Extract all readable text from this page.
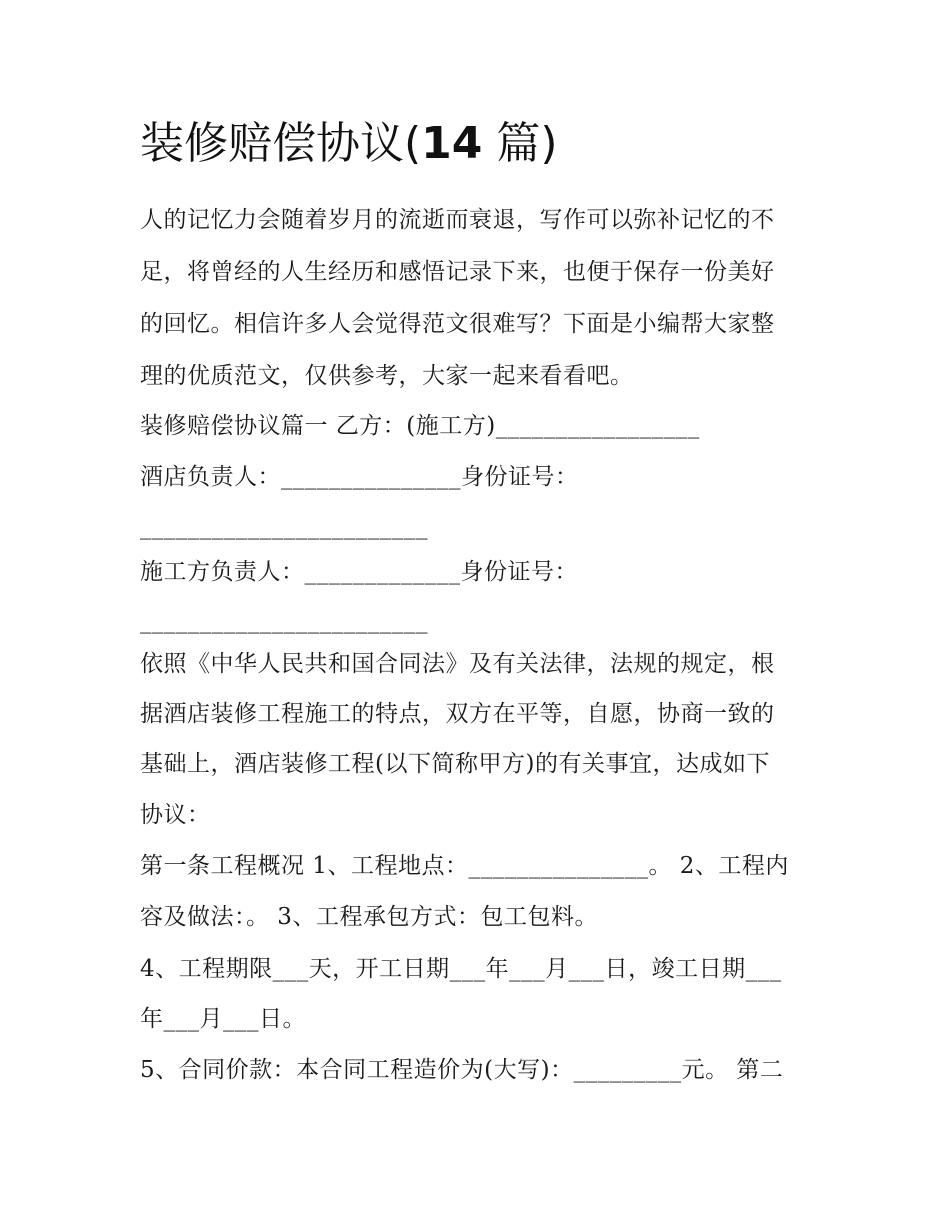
装修赔偿协议(14 篇)
人的记忆力会随着岁月的流逝而衰退，写作可以弥补记忆的不
足，将曾经的人生经历和感悟记录下来，也便于保存一份美好
的回忆。相信许多人会觉得范文很难写？下面是小编帮大家整
理的优质范文，仅供参考，大家一起来看看吧。
装修赔偿协议篇一 乙方：(施工方)_________________
酒店负责人：_______________身份证号：
________________________
施工方负责人：_____________身份证号：
________________________
依照《中华人民共和国合同法》及有关法律，法规的规定，根
据酒店装修工程施工的特点，双方在平等，自愿，协商一致的
基础上，酒店装修工程(以下简称甲方)的有关事宜，达成如下
协议：
第一条工程概况 1、工程地点：_______________。 2、工程内
容及做法：。 3、工程承包方式：包工包料。
4、工程期限___天，开工日期___年___月___日，竣工日期___
年___月___日。
5、合同价款：本合同工程造价为(大写)：_________元。 第二
